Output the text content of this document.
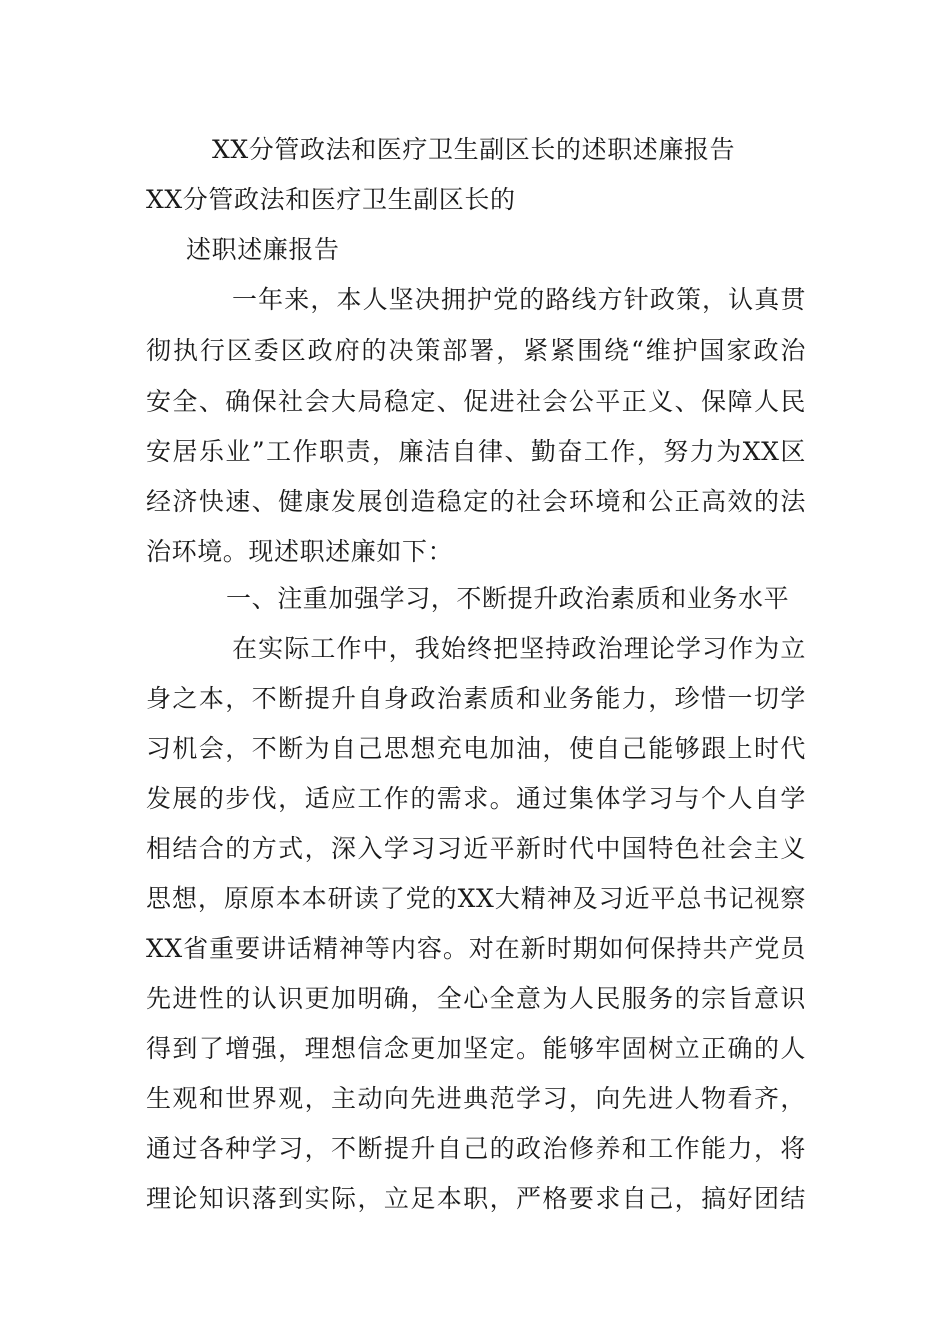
XX分管政法和医疗卫生副区长的述职述廉报告
XX分管政法和医疗卫生副区长的
述职述廉报告
一年来，本人坚决拥护党的路线方针政策，认真贯
彻执行区委区政府的决策部署，紧紧围绕“维护国家政治
安全、确保社会大局稳定、促进社会公平正义、保障人民
安居乐业”工作职责，廉洁自律、勤奋工作，努力为XX区
经济快速、健康发展创造稳定的社会环境和公正高效的法
治环境。现述职述廉如下：
一、注重加强学习，不断提升政治素质和业务水平
在实际工作中，我始终把坚持政治理论学习作为立
身之本，不断提升自身政治素质和业务能力，珍惜一切学
习机会，不断为自己思想充电加油，使自己能够跟上时代
发展的步伐，适应工作的需求。通过集体学习与个人自学
相结合的方式，深入学习习近平新时代中国特色社会主义
思想，原原本本研读了党的XX大精神及习近平总书记视察
XX省重要讲话精神等内容。对在新时期如何保持共产党员
先进性的认识更加明确，全心全意为人民服务的宗旨意识
得到了增强，理想信念更加坚定。能够牢固树立正确的人
生观和世界观，主动向先进典范学习，向先进人物看齐，
通过各种学习，不断提升自己的政治修养和工作能力，将
理论知识落到实际，立足本职，严格要求自己，搞好团结
